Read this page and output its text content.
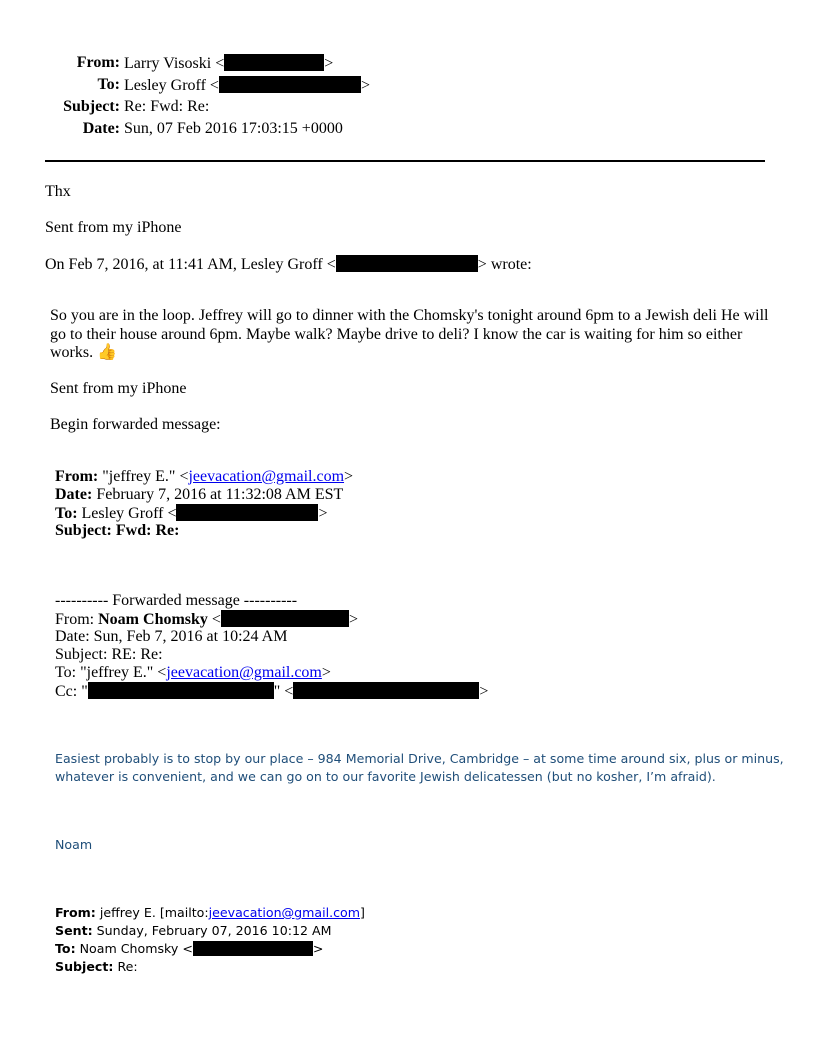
From: Larry Visoski <	>
To: Lesley Groff <	>
Subject: Re: Fwd: Re:
Date: Sun, 07 Feb 2016 17:03:15 +0000
Thx
Sent from my iPhone
On Feb 7, 2016, at 11:41 AM, Lesley Groff <	> wrote:
So you are in the loop. Jeffrey will go to dinner with the Chomsky's tonight around 6pm to a Jewish deli He will go to their house around 6pm. Maybe walk? Maybe drive to deli? I know the car is waiting for him so either works. 👍
Sent from my iPhone
Begin forwarded message:
From: "jeffrey E." <jeevacation@gmail.com>
Date: February 7, 2016 at 11:32:08 AM EST
To: Lesley Groff <	>
Subject: Fwd: Re:
---------- Forwarded message ----------
From: Noam Chomsky <	>
Date: Sun, Feb 7, 2016 at 10:24 AM
Subject: RE: Re:
To: "jeffrey E." <jeevacation@gmail.com>
Cc: "	" <	>
Easiest probably is to stop by our place – 984 Memorial Drive, Cambridge – at some time around six, plus or minus,
whatever is convenient, and we can go on to our favorite Jewish delicatessen (but no kosher, I’m afraid).
Noam
From: jeffrey E. [mailto:jeevacation@gmail.com]
Sent: Sunday, February 07, 2016 10:12 AM
To: Noam Chomsky <	>
Subject: Re:
